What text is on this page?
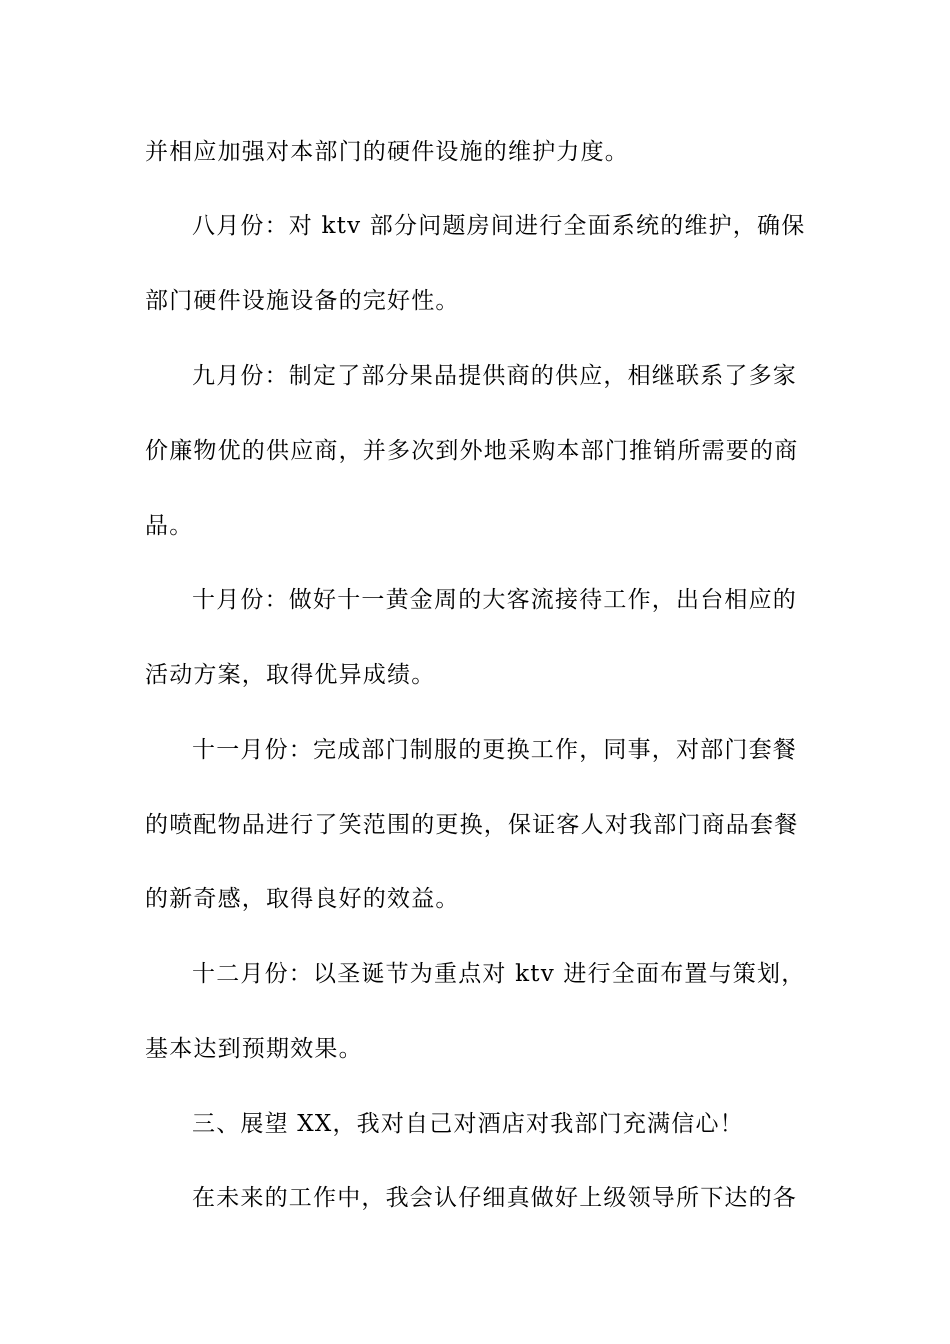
并相应加强对本部门的硬件设施的维护力度。
八月份：对 ktv 部分问题房间进行全面系统的维护，确保
部门硬件设施设备的完好性。
九月份：制定了部分果品提供商的供应，相继联系了多家
价廉物优的供应商，并多次到外地采购本部门推销所需要的商
品。
十月份：做好十一黄金周的大客流接待工作，出台相应的
活动方案，取得优异成绩。
十一月份：完成部门制服的更换工作，同事，对部门套餐
的喷配物品进行了笑范围的更换，保证客人对我部门商品套餐
的新奇感，取得良好的效益。
十二月份：以圣诞节为重点对 ktv 进行全面布置与策划，
基本达到预期效果。
三、展望 XX，我对自己对酒店对我部门充满信心！
在未来的工作中，我会认仔细真做好上级领导所下达的各
